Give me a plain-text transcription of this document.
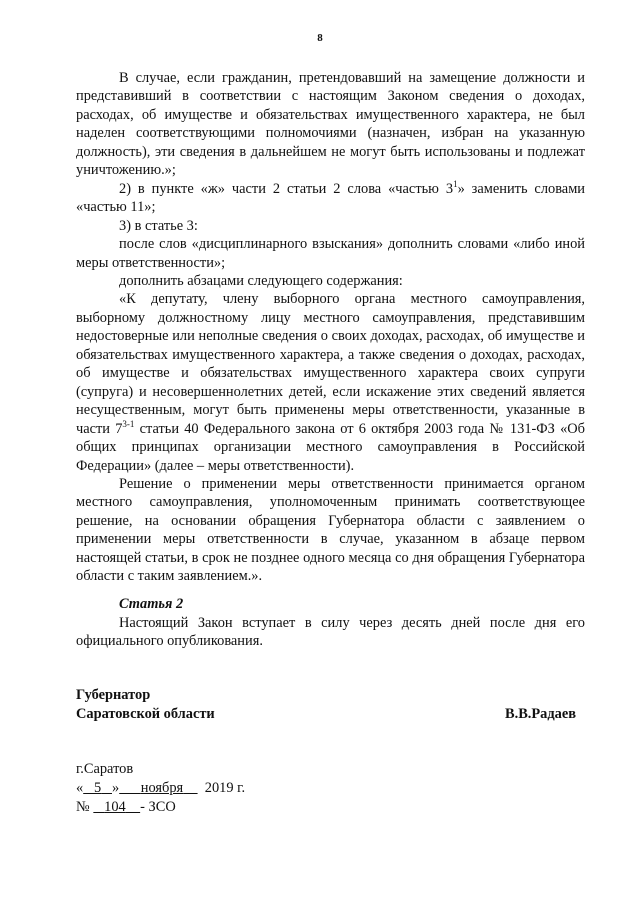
8

В случае, если гражданин, претендовавший на замещение должности и представивший в соответствии с настоящим Законом сведения о доходах, расходах, об имуществе и обязательствах имущественного характера, не был наделен соответствующими полномочиями (назначен, избран на указанную должность), эти сведения в дальнейшем не могут быть использованы и подлежат уничтожению.»;

2) в пункте «ж» части 2 статьи 2 слова «частью $3^1$» заменить словами «частью 11»;

3) в статье 3:

после слов «дисциплинарного взыскания» дополнить словами «либо иной меры ответственности»;

дополнить абзацами следующего содержания:

«К депутату, члену выборного органа местного самоуправления, выборному должностному лицу местного самоуправления, представившим недостоверные или неполные сведения о своих доходах, расходах, об имуществе и обязательствах имущественного характера, а также сведения о доходах, расходах, об имуществе и обязательствах имущественного характера своих супруги (супруга) и несовершеннолетних детей, если искажение этих сведений является несущественным, могут быть применены меры ответственности, указанные в части 7$^{3-1}$ статьи 40 Федерального закона от 6 октября 2003 года № 131-ФЗ «Об общих принципах организации местного самоуправления в Российской Федерации» (далее – меры ответственности).

Решение о применении меры ответственности принимается органом местного самоуправления, уполномоченным принимать соответствующее решение, на основании обращения Губернатора области с заявлением о применении меры ответственности в случае, указанном в абзаце первом настоящей статьи, в срок не позднее одного месяца со дня обращения Губернатора области с таким заявлением.».

Статья 2

Настоящий Закон вступает в силу через десять дней после дня его официального опубликования.

Губернатор
Саратовской области	В.В.Радаев
г.Саратов
« 5 » ноября 2019 г.
№ 104 - ЗСО
